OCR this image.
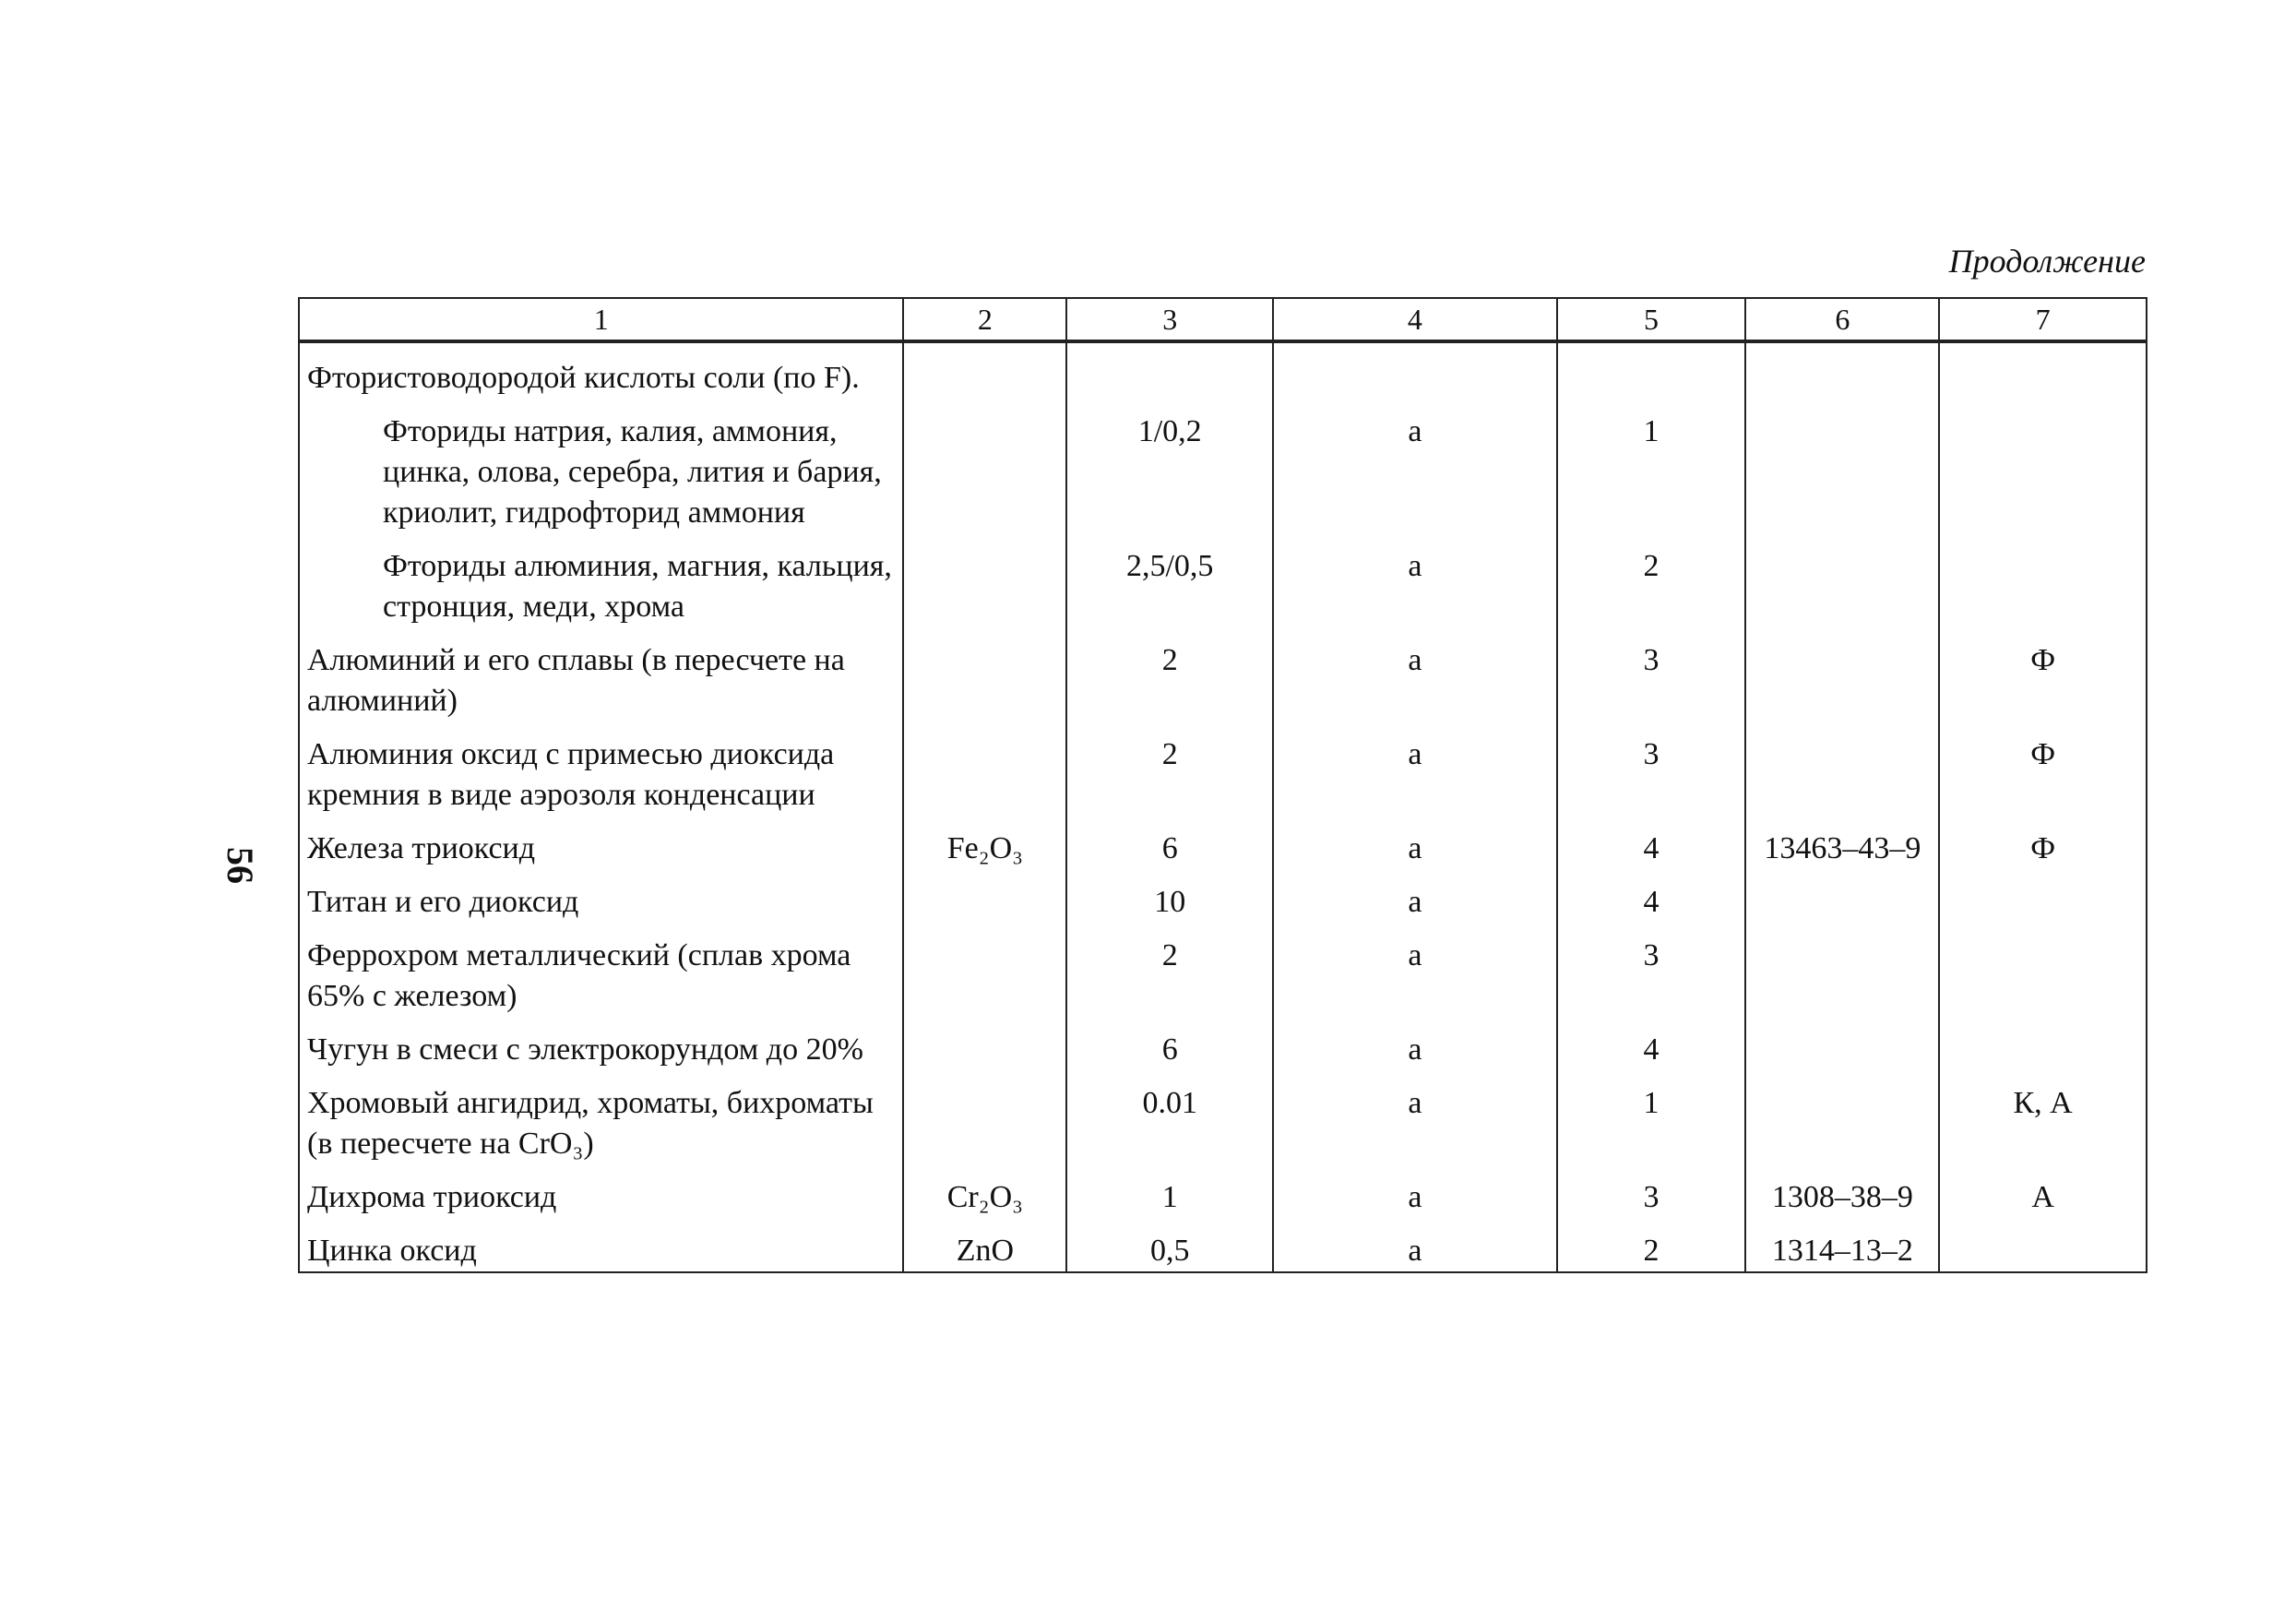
Продолжение
56
1	2	3	4	5	6	7
Фтористоводородой кислоты соли (по F).						
Фториды натрия, калия, аммония, цинка, олова, серебра, лития и бария, криолит, гидрофторид аммония		1/0,2	а	1		
Фториды алюминия, магния, кальция, стронция, меди, хрома		2,5/0,5	а	2		
Алюминий и его сплавы (в пересчете на алюминий)		2	а	3		Ф
Алюминия оксид с примесью диоксида кремния в виде аэрозоля конденсации		2	а	3		Ф
Железа триоксид	Fe₂O₃	6	а	4	13463–43–9	Ф
Титан и его диоксид		10	а	4		
Феррохром металлический (сплав хрома 65% с железом)		2	а	3		
Чугун в смеси с электрокорундом до 20%		6	а	4		
Хромовый ангидрид, хроматы, бихроматы (в пересчете на CrO₃)		0.01	а	1		К, А
Дихрома триоксид	Cr₂O₃	1	а	3	1308–38–9	А
Цинка оксид	ZnO	0,5	а	2	1314–13–2	
